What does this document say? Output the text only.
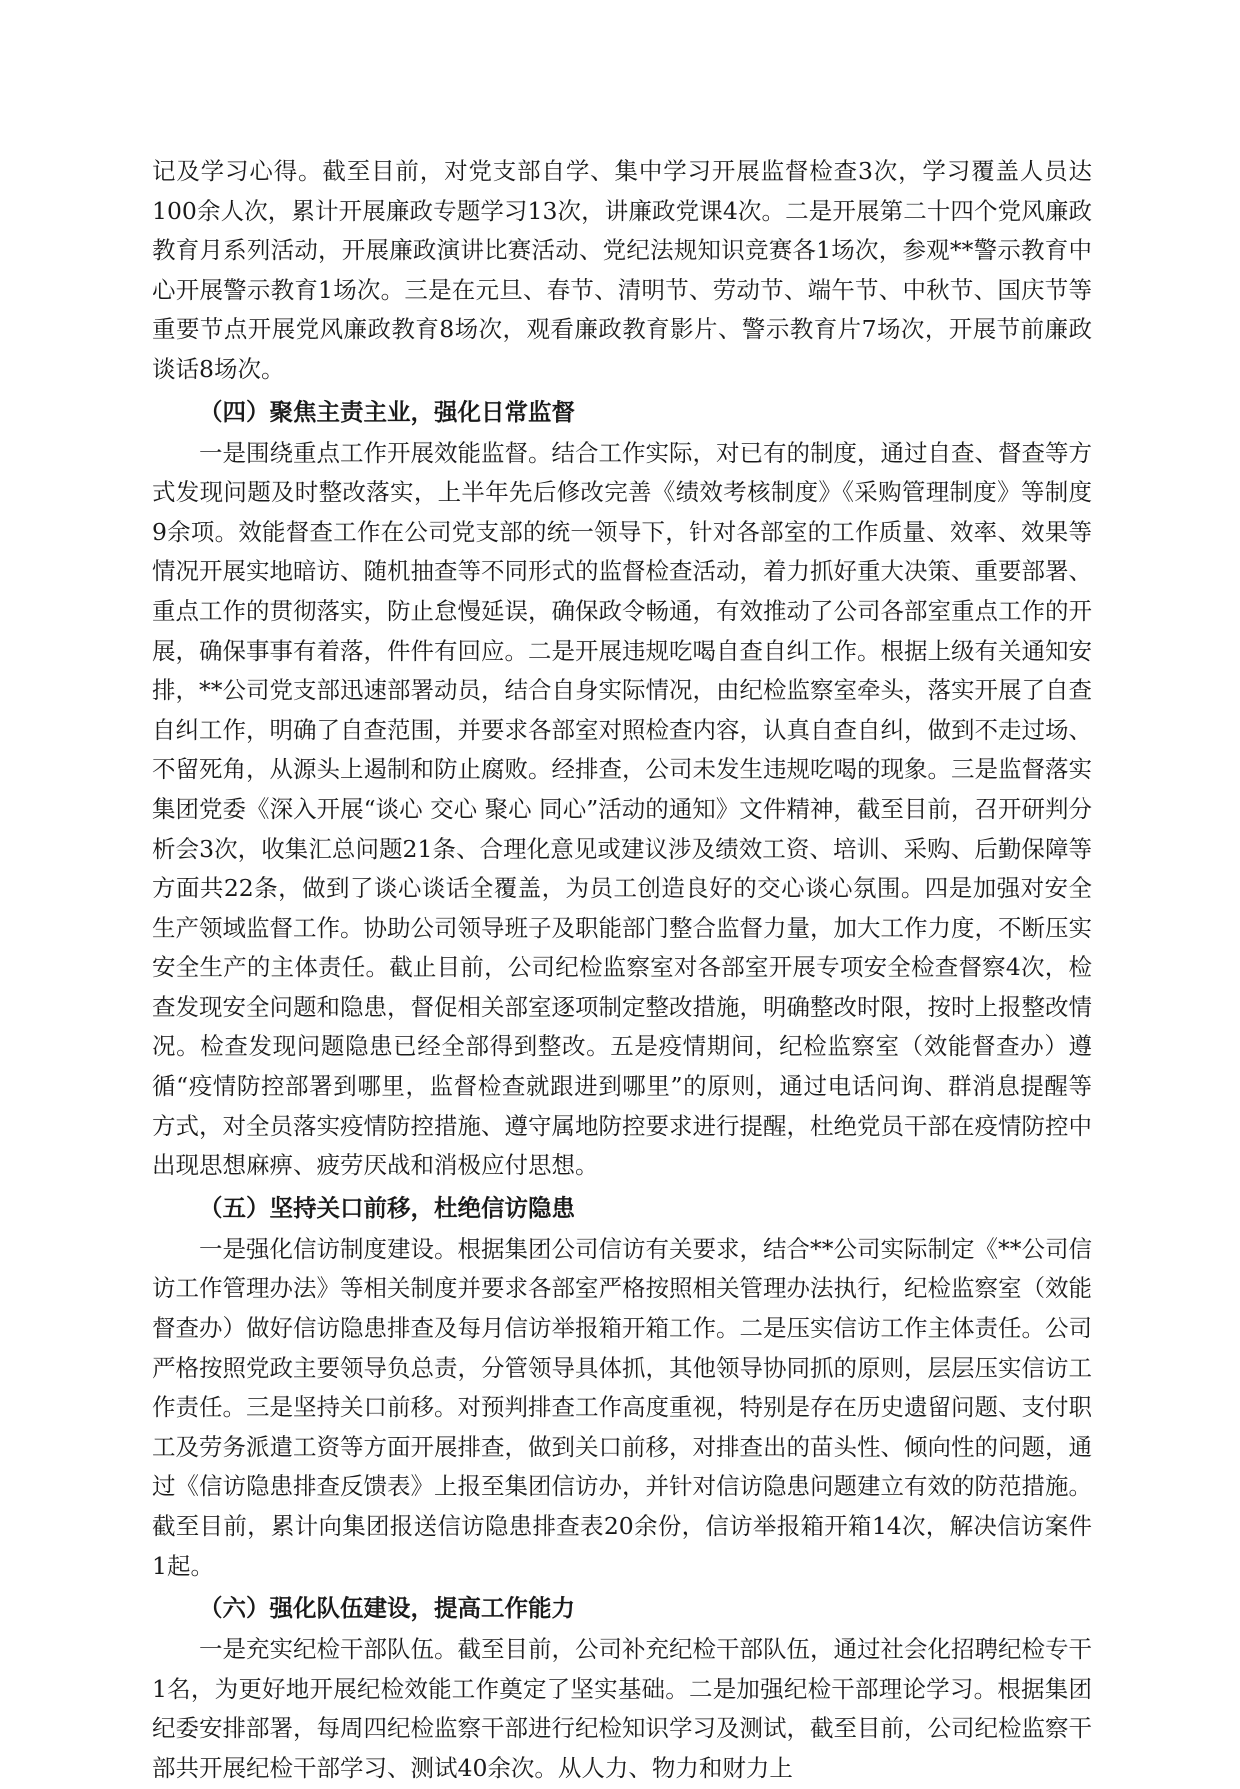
记及学习心得。截至目前，对党支部自学、集中学习开展监督检查3次，学习覆盖人员达100余人次，累计开展廉政专题学习13次，讲廉政党课4次。二是开展第二十四个党风廉政教育月系列活动，开展廉政演讲比赛活动、党纪法规知识竞赛各1场次，参观**警示教育中心开展警示教育1场次。三是在元旦、春节、清明节、劳动节、端午节、中秋节、国庆节等重要节点开展党风廉政教育8场次，观看廉政教育影片、警示教育片7场次，开展节前廉政谈话8场次。

（四）聚焦主责主业，强化日常监督

一是围绕重点工作开展效能监督。结合工作实际，对已有的制度，通过自查、督查等方式发现问题及时整改落实，上半年先后修改完善《绩效考核制度》《采购管理制度》等制度9余项。效能督查工作在公司党支部的统一领导下，针对各部室的工作质量、效率、效果等情况开展实地暗访、随机抽查等不同形式的监督检查活动，着力抓好重大决策、重要部署、重点工作的贯彻落实，防止怠慢延误，确保政令畅通，有效推动了公司各部室重点工作的开展，确保事事有着落，件件有回应。二是开展违规吃喝自查自纠工作。根据上级有关通知安排，**公司党支部迅速部署动员，结合自身实际情况，由纪检监察室牵头，落实开展了自查自纠工作，明确了自查范围，并要求各部室对照检查内容，认真自查自纠，做到不走过场、不留死角，从源头上遏制和防止腐败。经排查，公司未发生违规吃喝的现象。三是监督落实集团党委《深入开展“谈心 交心 聚心 同心”活动的通知》文件精神，截至目前，召开研判分析会3次，收集汇总问题21条、合理化意见或建议涉及绩效工资、培训、采购、后勤保障等方面共22条，做到了谈心谈话全覆盖，为员工创造良好的交心谈心氛围。四是加强对安全生产领域监督工作。协助公司领导班子及职能部门整合监督力量，加大工作力度，不断压实安全生产的主体责任。截止目前，公司纪检监察室对各部室开展专项安全检查督察4次，检查发现安全问题和隐患，督促相关部室逐项制定整改措施，明确整改时限，按时上报整改情况。检查发现问题隐患已经全部得到整改。五是疫情期间，纪检监察室（效能督查办）遵循“疫情防控部署到哪里，监督检查就跟进到哪里”的原则，通过电话问询、群消息提醒等方式，对全员落实疫情防控措施、遵守属地防控要求进行提醒，杜绝党员干部在疫情防控中出现思想麻痹、疲劳厌战和消极应付思想。

（五）坚持关口前移，杜绝信访隐患

一是强化信访制度建设。根据集团公司信访有关要求，结合**公司实际制定《**公司信访工作管理办法》等相关制度并要求各部室严格按照相关管理办法执行，纪检监察室（效能督查办）做好信访隐患排查及每月信访举报箱开箱工作。二是压实信访工作主体责任。公司严格按照党政主要领导负总责，分管领导具体抓，其他领导协同抓的原则，层层压实信访工作责任。三是坚持关口前移。对预判排查工作高度重视，特别是存在历史遗留问题、支付职工及劳务派遣工资等方面开展排查，做到关口前移，对排查出的苗头性、倾向性的问题，通过《信访隐患排查反馈表》上报至集团信访办，并针对信访隐患问题建立有效的防范措施。截至目前，累计向集团报送信访隐患排查表20余份，信访举报箱开箱14次，解决信访案件1起。

（六）强化队伍建设，提高工作能力

一是充实纪检干部队伍。截至目前，公司补充纪检干部队伍，通过社会化招聘纪检专干1名，为更好地开展纪检效能工作奠定了坚实基础。二是加强纪检干部理论学习。根据集团纪委安排部署，每周四纪检监察干部进行纪检知识学习及测试，截至目前，公司纪检监察干部共开展纪检干部学习、测试40余次。从人力、物力和财力上
